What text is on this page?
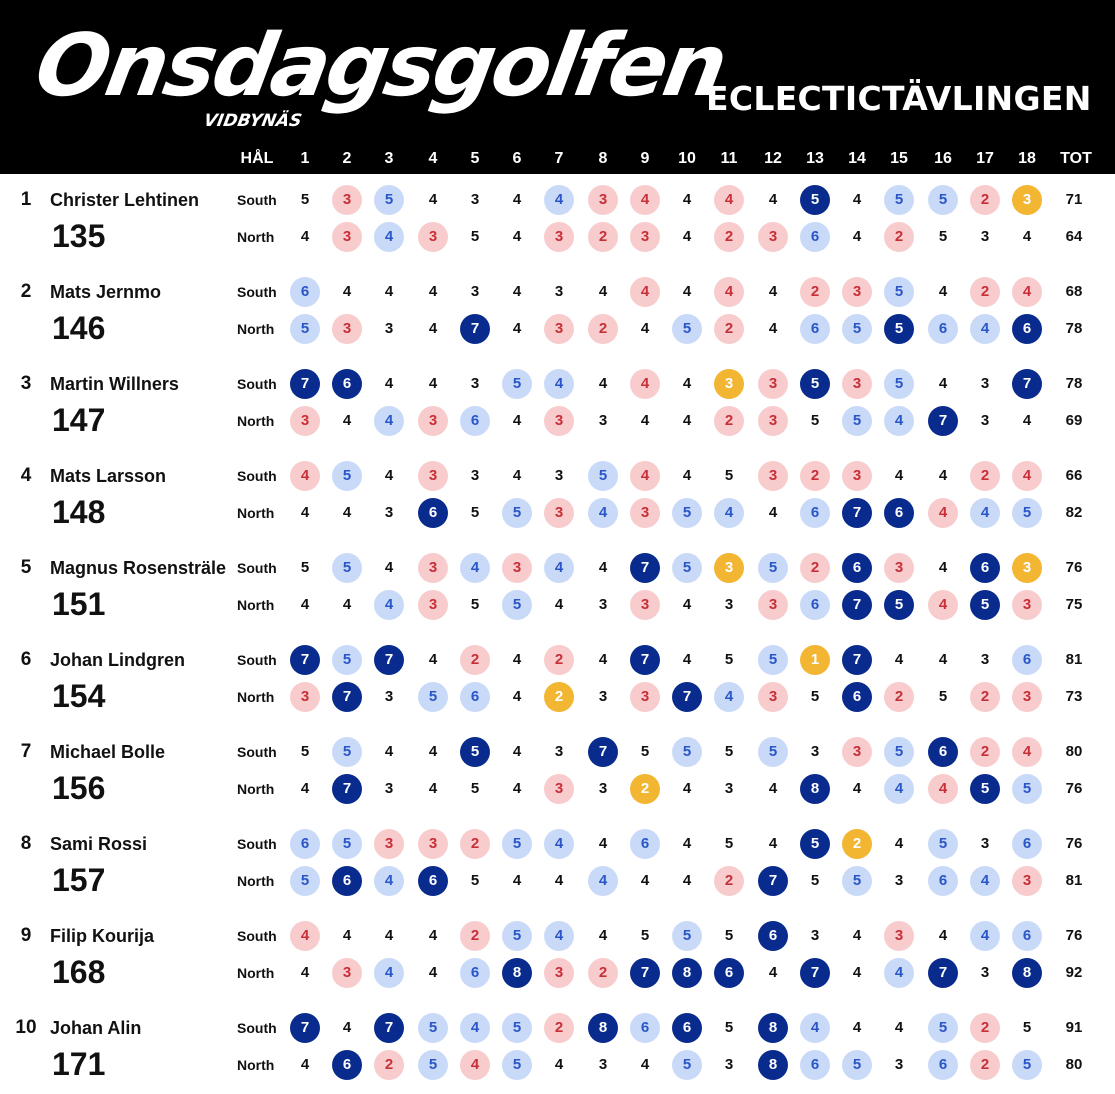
Onsdagsgolfen
VIDBYNÄS
ECLECTICTÄVLINGEN
HÅL	TOT
1	2	3	4	5	6	7	8	9	10	11	12	13	14	15	16	17	18
1	Christer Lehtinen
135
South	5	3	5	4	3	4	4	3	4	4	4	4	5	4	5	5	2	3	71
North	4	3	4	3	5	4	3	2	3	4	2	3	6	4	2	5	3	4	64
2	Mats Jernmo
146
South	6	4	4	4	3	4	3	4	4	4	4	4	2	3	5	4	2	4	68
North	5	3	3	4	7	4	3	2	4	5	2	4	6	5	5	6	4	6	78
3	Martin Willners
147
South	7	6	4	4	3	5	4	4	4	4	3	3	5	3	5	4	3	7	78
North	3	4	4	3	6	4	3	3	4	4	2	3	5	5	4	7	3	4	69
4	Mats Larsson
148
South	4	5	4	3	3	4	3	5	4	4	5	3	2	3	4	4	2	4	66
North	4	4	3	6	5	5	3	4	3	5	4	4	6	7	6	4	4	5	82
5	Magnus Rosensträle
151
South	5	5	4	3	4	3	4	4	7	5	3	5	2	6	3	4	6	3	76
North	4	4	4	3	5	5	4	3	3	4	3	3	6	7	5	4	5	3	75
6	Johan Lindgren
154
South	7	5	7	4	2	4	2	4	7	4	5	5	1	7	4	4	3	6	81
North	3	7	3	5	6	4	2	3	3	7	4	3	5	6	2	5	2	3	73
7	Michael Bolle
156
South	5	5	4	4	5	4	3	7	5	5	5	5	3	3	5	6	2	4	80
North	4	7	3	4	5	4	3	3	2	4	3	4	8	4	4	4	5	5	76
8	Sami Rossi
157
South	6	5	3	3	2	5	4	4	6	4	5	4	5	2	4	5	3	6	76
North	5	6	4	6	5	4	4	4	4	4	2	7	5	5	3	6	4	3	81
9	Filip Kourija
168
South	4	4	4	4	2	5	4	4	5	5	5	6	3	4	3	4	4	6	76
North	4	3	4	4	6	8	3	2	7	8	6	4	7	4	4	7	3	8	92
10 Johan Alin
171
South	7	4	7	5	4	5	2	8	6	6	5	8	4	4	4	5	2	5	91
North	4	6	2	5	4	5	4	3	4	5	3	8	6	5	3	6	2	5	80
